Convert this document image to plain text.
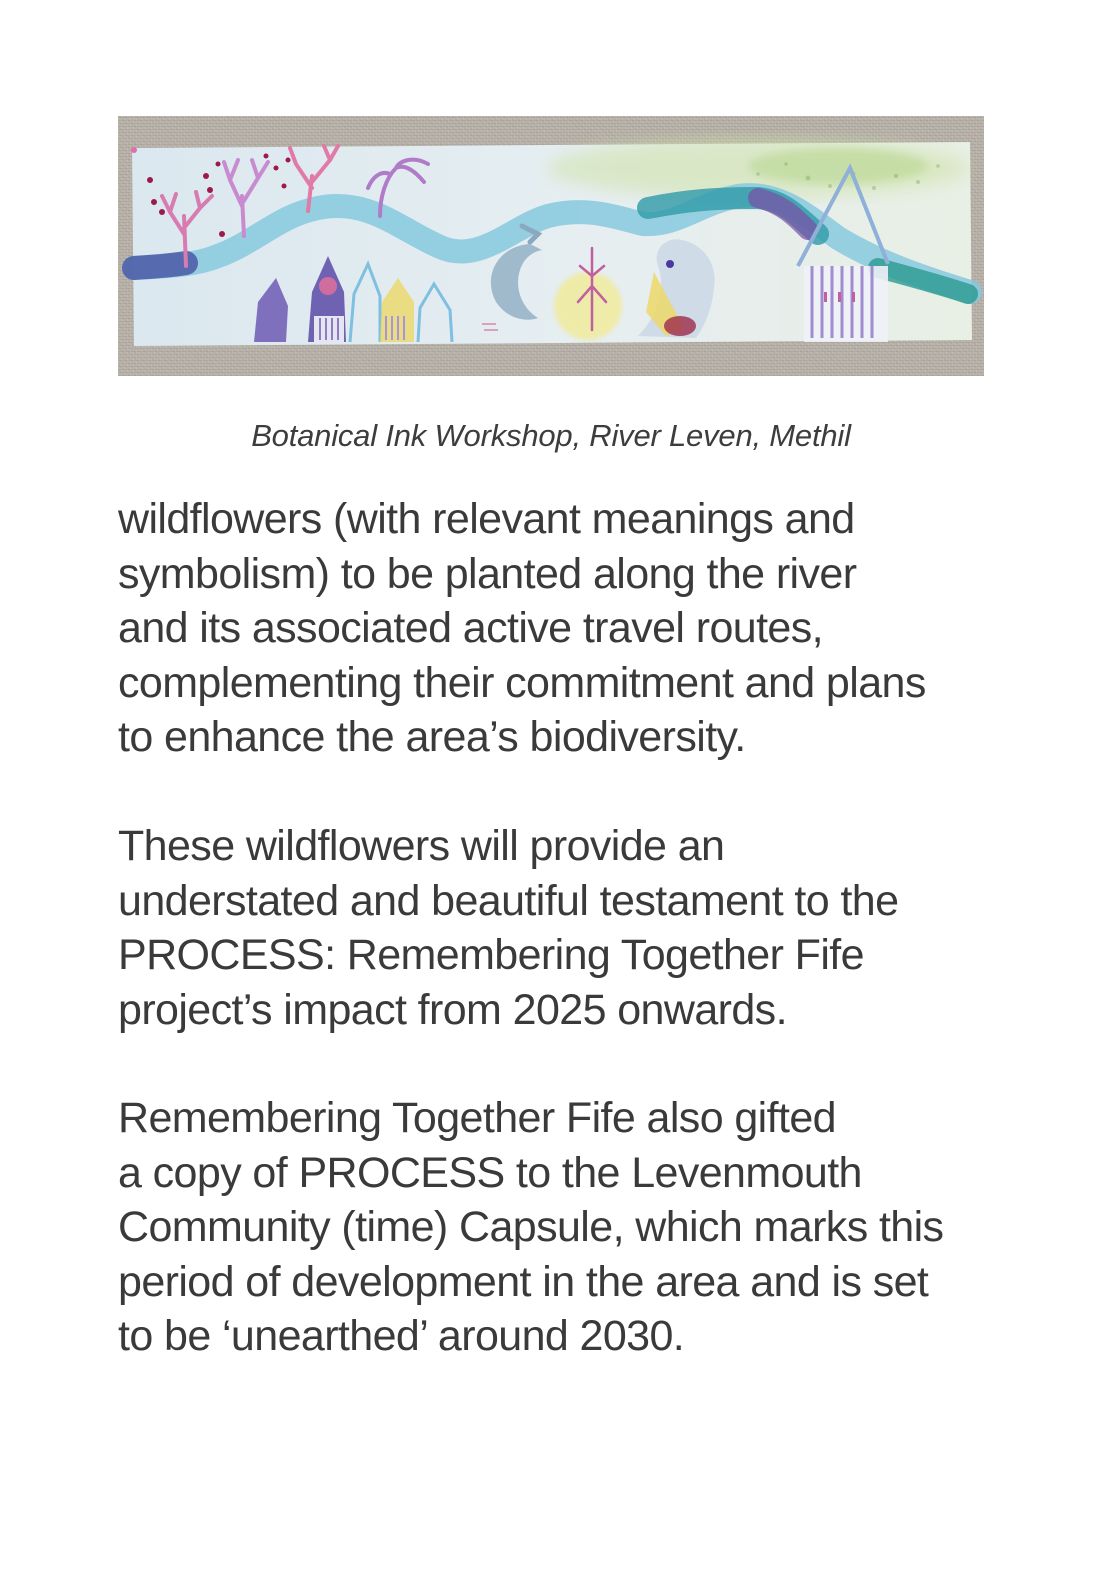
Botanical Ink Workshop, River Leven, Methil

wildflowers (with relevant meanings and
symbolism) to be planted along the river
and its associated active travel routes,
complementing their commitment and plans
to enhance the area’s biodiversity.

These wildflowers will provide an
understated and beautiful testament to the
PROCESS: Remembering Together Fife
project’s impact from 2025 onwards.

Remembering Together Fife also gifted
a copy of PROCESS to the Levenmouth
Community (time) Capsule, which marks this
period of development in the area and is set
to be ‘unearthed’ around 2030.
